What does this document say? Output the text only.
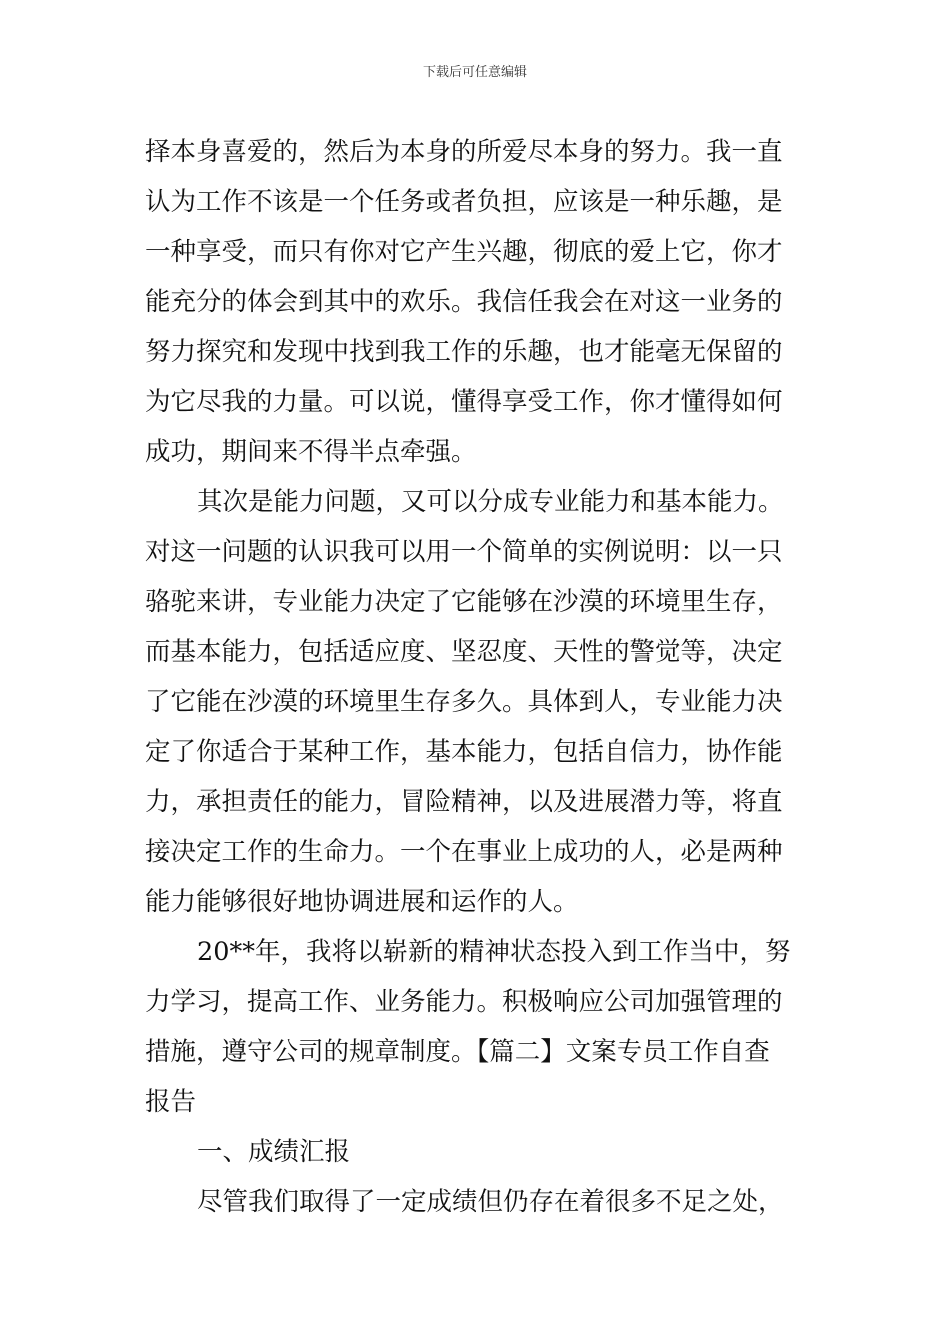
下载后可任意编辑
择本身喜爱的，然后为本身的所爱尽本身的努力。我一直
认为工作不该是一个任务或者负担，应该是一种乐趣，是
一种享受，而只有你对它产生兴趣，彻底的爱上它，你才
能充分的体会到其中的欢乐。我信任我会在对这一业务的
努力探究和发现中找到我工作的乐趣，也才能毫无保留的
为它尽我的力量。可以说，懂得享受工作，你才懂得如何
成功，期间来不得半点牵强。
其次是能力问题，又可以分成专业能力和基本能力。
对这一问题的认识我可以用一个简单的实例说明：以一只
骆驼来讲，专业能力决定了它能够在沙漠的环境里生存，
而基本能力，包括适应度、坚忍度、天性的警觉等，决定
了它能在沙漠的环境里生存多久。具体到人，专业能力决
定了你适合于某种工作，基本能力，包括自信力，协作能
力，承担责任的能力，冒险精神，以及进展潜力等，将直
接决定工作的生命力。一个在事业上成功的人，必是两种
能力能够很好地协调进展和运作的人。
20**年，我将以崭新的精神状态投入到工作当中，努
力学习，提高工作、业务能力。积极响应公司加强管理的
措施，遵守公司的规章制度。【篇二】文案专员工作自查
报告
一、成绩汇报
尽管我们取得了一定成绩但仍存在着很多不足之处，
